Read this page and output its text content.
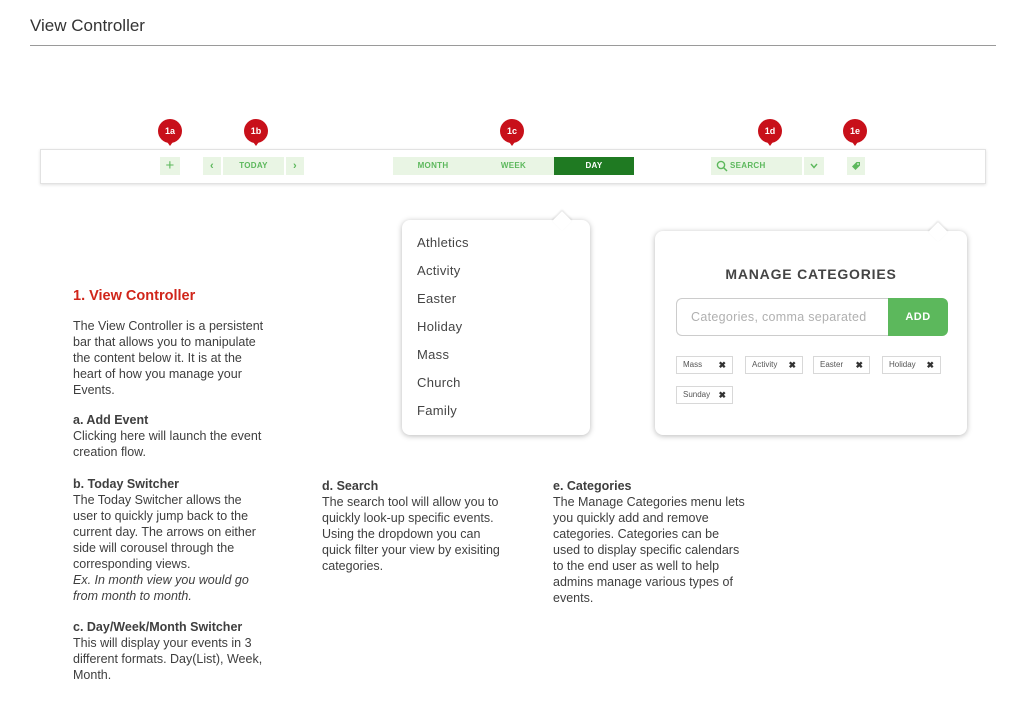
View Controller
1a	1b	1c	1d	1e
+	‹	TODAY	›	MONTH	WEEK	DAY	SEARCH
Athletics
Activity
Easter
Holiday
Mass
Church
Family
MANAGE CATEGORIES
Categories, comma separated
ADD
Mass ✖	Activity ✖	Easter ✖	Holiday ✖
Sunday ✖
1. View Controller
The View Controller is a persistent
bar that allows you to manipulate
the content below it. It is at the
heart of how you manage your
Events.
a. Add Event
Clicking here will launch the event
creation flow.
b. Today Switcher
The Today Switcher allows the
user to quickly jump back to the
current day. The arrows on either
side will corousel through the
corresponding views.
Ex. In month view you would go
from month to month.
c. Day/Week/Month Switcher
This will display your events in 3
different formats. Day(List), Week,
Month.
d. Search
The search tool will allow you to
quickly look-up specific events.
Using the dropdown you can
quick filter your view by exisiting
categories.
e. Categories
The Manage Categories menu lets
you quickly add and remove
categories. Categories can be
used to display specific calendars
to the end user as well to help
admins manage various types of
events.
